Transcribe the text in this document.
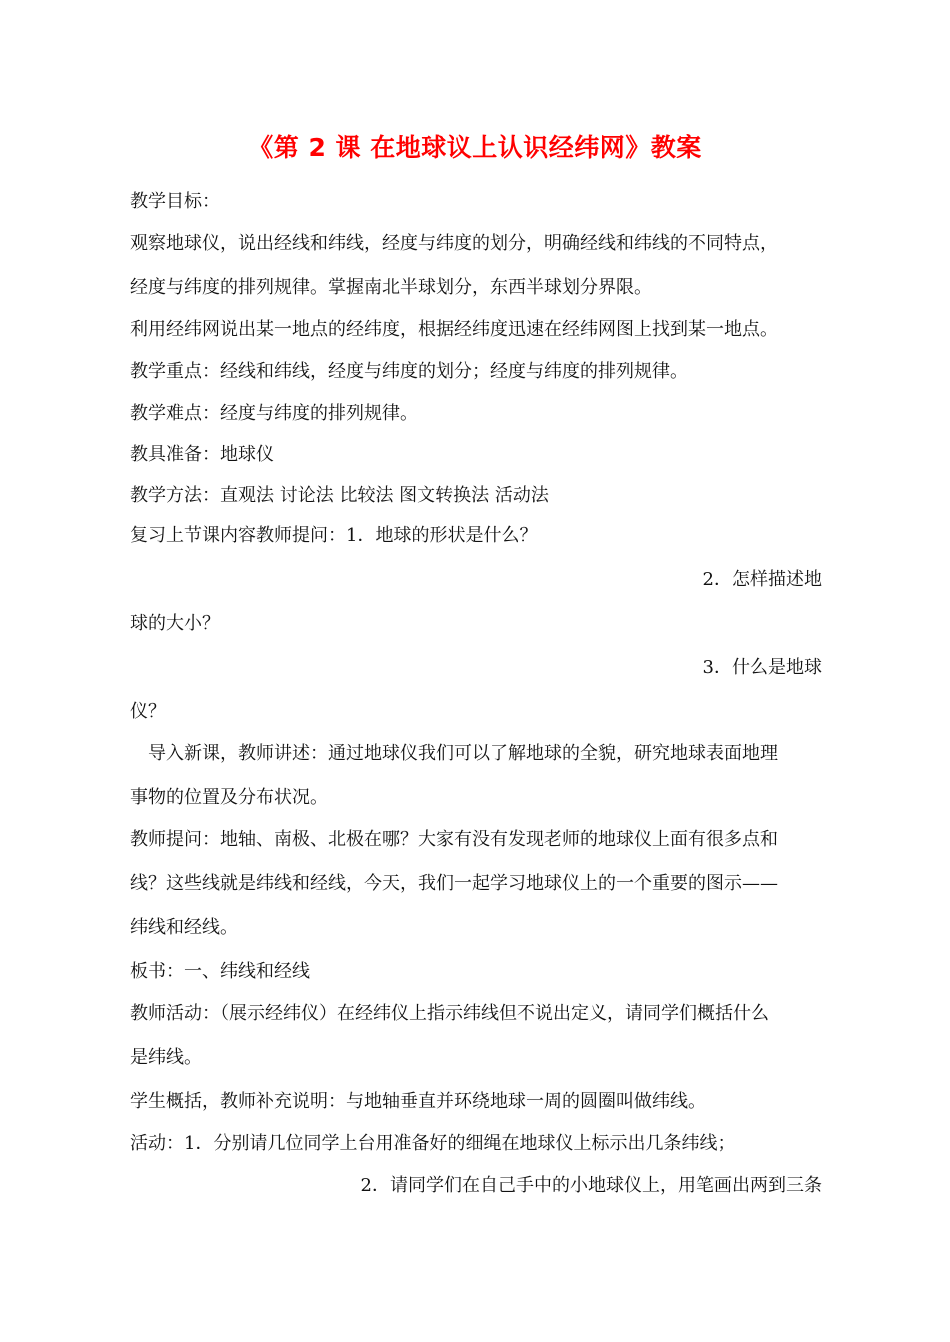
《第 2 课 在地球议上认识经纬网》教案

教学目标：

观察地球仪，说出经线和纬线，经度与纬度的划分，明确经线和纬线的不同特点，

经度与纬度的排列规律。掌握南北半球划分，东西半球划分界限。

利用经纬网说出某一地点的经纬度，根据经纬度迅速在经纬网图上找到某一地点。

教学重点：经线和纬线，经度与纬度的划分；经度与纬度的排列规律。

教学难点：经度与纬度的排列规律。

教具准备：地球仪

教学方法：直观法 讨论法 比较法 图文转换法 活动法

复习上节课内容教师提问：1．地球的形状是什么？

2．怎样描述地

球的大小？

3．什么是地球

仪？

导入新课，教师讲述：通过地球仪我们可以了解地球的全貌，研究地球表面地理

事物的位置及分布状况。

教师提问：地轴、南极、北极在哪？大家有没有发现老师的地球仪上面有很多点和

线？这些线就是纬线和经线，今天，我们一起学习地球仪上的一个重要的图示——

纬线和经线。

板书：一、纬线和经线

教师活动：（展示经纬仪）在经纬仪上指示纬线但不说出定义，请同学们概括什么

是纬线。

学生概括，教师补充说明：与地轴垂直并环绕地球一周的圆圈叫做纬线。

活动：1．分别请几位同学上台用准备好的细绳在地球仪上标示出几条纬线；

2．请同学们在自己手中的小地球仪上，用笔画出两到三条
